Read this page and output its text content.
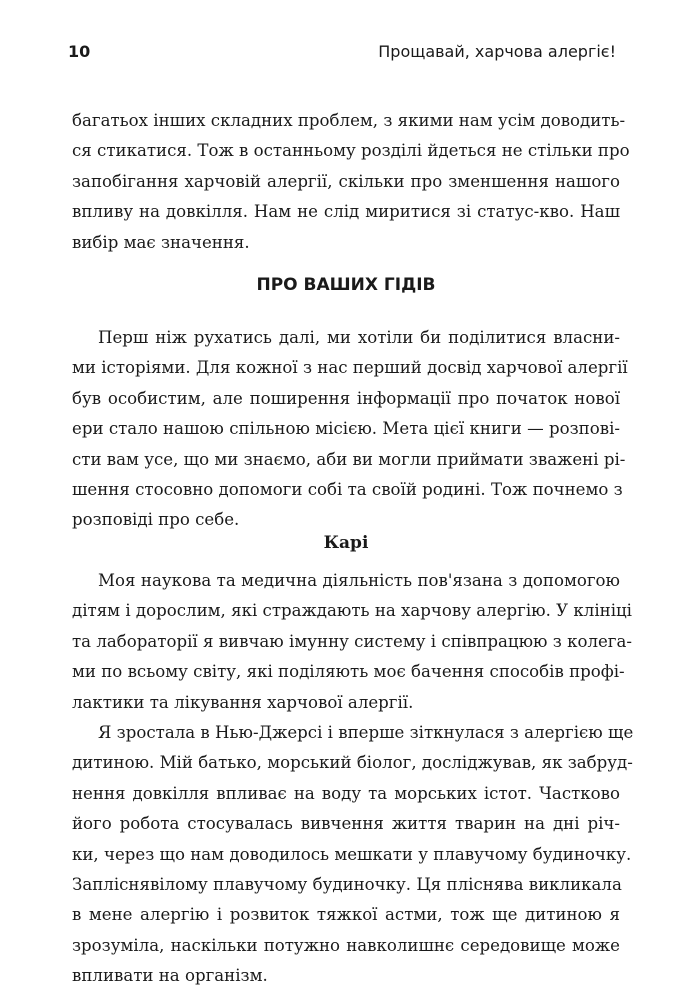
10	Прощавай, харчова алергіє!
багатьох інших складних проблем, з якими нам усім доводить-
ся стикатися. Тож в останньому розділі йдеться не стільки про
запобігання харчовій алергії, скільки про зменшення нашого
впливу на довкілля. Нам не слід миритися зі статус-кво. Наш
вибір має значення.
ПРО ВАШИХ ГІДІВ
Перш ніж рухатись далі, ми хотіли би поділитися власни-
ми історіями. Для кожної з нас перший досвід харчової алергії
був особистим, але поширення інформації про початок нової
ери стало нашою спільною місією. Мета цієї книги — розпові-
сти вам усе, що ми знаємо, аби ви могли приймати зважені рі-
шення стосовно допомоги собі та своїй родині. Тож почнемо з
розповіді про себе.
Карі
Моя наукова та медична діяльність пов'язана з допомогою
дітям і дорослим, які страждають на харчову алергію. У клініці
та лабораторії я вивчаю імунну систему і співпрацюю з колега-
ми по всьому світу, які поділяють моє бачення способів профі-
лактики та лікування харчової алергії.
Я зростала в Нью-Джерсі і вперше зіткнулася з алергією ще
дитиною. Мій батько, морський біолог, досліджував, як забруд-
нення довкілля впливає на воду та морських істот. Частково
його робота стосувалась вивчення життя тварин на дні річ-
ки, через що нам доводилось мешкати у плавучому будиночку.
Запліснявілому плавучому будиночку. Ця пліснява викликала
в мене алергію і розвиток тяжкої астми, тож ще дитиною я
зрозуміла, наскільки потужно навколишнє середовище може
впливати на організм.
